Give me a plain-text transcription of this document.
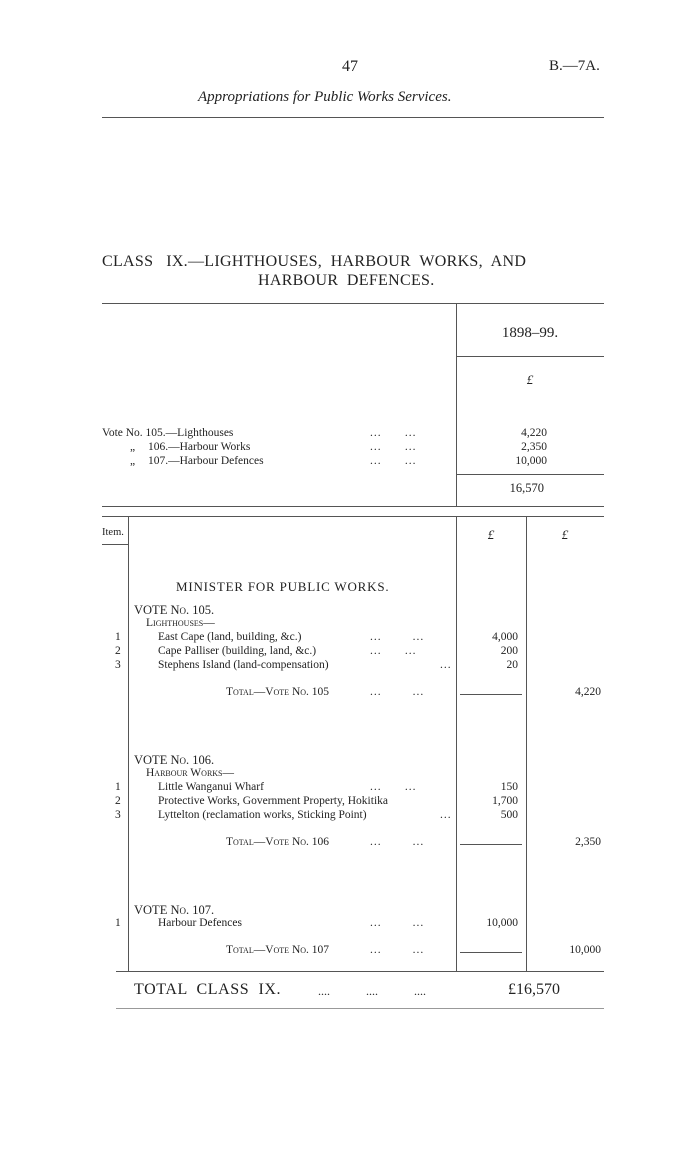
47	B.—7A.
Appropriations for Public Works Services.
CLASS   IX.—LIGHTHOUSES,  HARBOUR  WORKS,  AND
HARBOUR  DEFENCES.
1898–99.
£
Vote No. 105.—Lighthouses	...      ...	4,220
„ 106.—Harbour Works	...      ...	2,350
„ 107.—Harbour Defences	...      ...	10,000
16,570
Item.	£	£
MINISTER FOR PUBLIC WORKS.
VOTE No. 105.
Lighthouses—
1	East Cape (land, building, &c.)	...        ...	4,000
2	Cape Palliser (building, land, &c.)	...      ...	200
3	Stephens Island (land-compensation)	...	20
Total—Vote No. 105	...        ...	4,220
VOTE No. 106.
Harbour Works—
1	Little Wanganui Wharf	...      ...	150
2	Protective Works, Government Property, Hokitika	1,700
3	Lyttelton (reclamation works, Sticking Point)	...	500
Total—Vote No. 106	...        ...	2,350
VOTE No. 107.
1	Harbour Defences	...        ...	10,000
Total—Vote No. 107	...        ...	10,000
TOTAL  CLASS  IX.	....            ....            ....	£16,570
